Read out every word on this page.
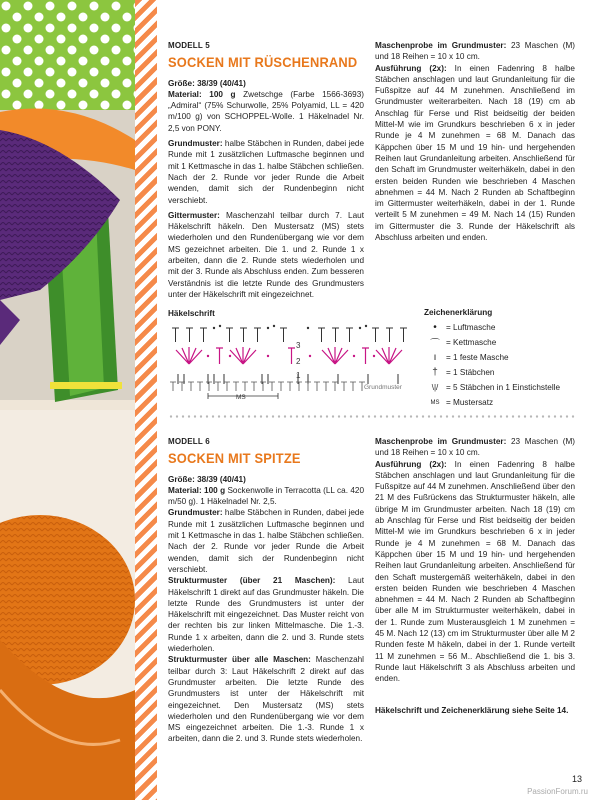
MODELL 5
SOCKEN MIT RÜSCHENRAND

Größe: 38/39 (40/41)

Material: 100 g Zwetschge (Farbe 1566-3693) „Admiral“ (75% Schurwolle, 25% Polyamid, LL = 420 m/100 g) von SCHOPPEL-Wolle. 1 Häkelnadel Nr. 2,5 von PONY.

Grundmuster: halbe Stäbchen in Runden, dabei jede Runde mit 1 zusätzlichen Luftmasche beginnen und mit 1 Kettmasche in das 1. halbe Stäbchen schließen. Nach der 2. Runde vor jeder Runde die Arbeit wenden, damit sich der Rundenbeginn nicht verschiebt.

Gittermuster: Maschenzahl teilbar durch 7. Laut Häkelschrift häkeln. Den Mustersatz (MS) stets wiederholen und den Rundenübergang wie vor dem MS gezeichnet arbeiten. Die 1. und 2. Runde 1 x arbeiten, dann die 2. Runde stets wiederholen und mit der 3. Runde als Abschluss enden. Zum besseren Verständnis ist die letzte Runde des Grundmusters unter der Häkelschrift mit eingezeichnet.

Maschenprobe im Grundmuster: 23 Maschen (M) und 18 Reihen = 10 x 10 cm.

Ausführung (2x): In einen Fadenring 8 halbe Stäbchen anschlagen und laut Grundanleitung für die Fußspitze auf 44 M zunehmen. Anschließend im Grundmuster weiterarbeiten. Nach 18 (19) cm ab Anschlag für Ferse und Rist beidseitig der beiden Mittel-M wie im Grundkurs beschrieben 6 x in jeder Runde je 4 M zunehmen = 68 M. Danach das Käppchen über 15 M und 19 hin- und hergehenden Reihen laut Grundanleitung arbeiten. Anschließend für den Schaft im Grundmuster weiterhäkeln, dabei in den ersten beiden Runden wie beschrieben 4 Maschen abnehmen = 44 M. Nach 2 Runden ab Schaftbeginn im Gittermuster weiterhäkeln, dabei in der 1. Runde verteilt 5 M zunehmen = 49 M. Nach 14 (15) Runden im Gittermuster die 3. Runde der Häkelschrift als Abschluss arbeiten und enden.

Häkelschrift
3
2
1
Grundmuster
MS
Zeichenerklärung
•	= Luftmasche
⌒ = Kettmasche
ı	= 1 feste Masche
†	= 1 Stäbchen
\|/ = 5 Stäbchen in 1 Einstichstelle
MS = Mustersatz
MODELL 6
SOCKEN MIT SPITZE

Größe: 38/39 (40/41)

Material: 100 g Sockenwolle in Terracotta (LL ca. 420 m/50 g). 1 Häkelnadel Nr. 2,5.

Grundmuster: halbe Stäbchen in Runden, dabei jede Runde mit 1 zusätzlichen Luftmasche beginnen und mit 1 Kettmasche in das 1. halbe Stäbchen schließen. Nach der 2. Runde vor jeder Runde die Arbeit wenden, damit sich der Rundenbeginn nicht verschiebt.

Strukturmuster (über 21 Maschen): Laut Häkelschrift 1 direkt auf das Grundmuster häkeln. Die letzte Runde des Grundmusters ist unter der Häkelschrift mit eingezeichnet. Das Muster reicht von der rechten bis zur linken Mittelmasche. Die 1.-3. Runde 1 x arbeiten, dann die 2. und 3. Runde stets wiederholen.

Strukturmuster über alle Maschen: Maschenzahl teilbar durch 3: Laut Häkelschrift 2 direkt auf das Grundmuster arbeiten. Die letzte Runde des Grundmusters ist unter der Häkelschrift mit eingezeichnet. Den Mustersatz (MS) stets wiederholen und den Rundenübergang wie vor dem MS eingezeichnet arbeiten. Die 1.-3. Runde 1 x arbeiten, dann die 2. und 3. Runde stets wiederholen.

Maschenprobe im Grundmuster: 23 Maschen (M) und 18 Reihen = 10 x 10 cm.

Ausführung (2x): In einen Fadenring 8 halbe Stäbchen anschlagen und laut Grundanleitung für die Fußspitze auf 44 M zunehmen. Anschließend über den 21 M des Fußrückens das Strukturmuster häkeln, alle übrige M im Grundmuster arbeiten. Nach 18 (19) cm ab Anschlag für Ferse und Rist beidseitig der beiden Mittel-M wie im Grundkurs beschrieben 6 x in jeder Runde je 4 M zunehmen = 68 M. Danach das Käppchen über 15 M und 19 hin- und hergehenden Reihen laut Grundanleitung arbeiten. Anschließend für den Schaft mustergemäß weiterhäkeln, dabei in den ersten beiden Runden wie beschrieben 4 Maschen abnehmen = 44 M. Nach 2 Runden ab Schaftbeginn über alle M im Strukturmuster weiterhäkeln, dabei in der 1. Runde zum Musterausgleich 1 M zunehmen = 45 M. Nach 12 (13) cm im Strukturmuster über alle M 2 Runden feste M häkeln, dabei in der 1. Runde verteilt 11 M zunehmen = 56 M.. Abschließend die 1. bis 3. Runde laut Häkelschrift 3 als Abschluss arbeiten und enden.

Häkelschrift und Zeichenerklärung siehe Seite 14.

13
PassionForum.ru
